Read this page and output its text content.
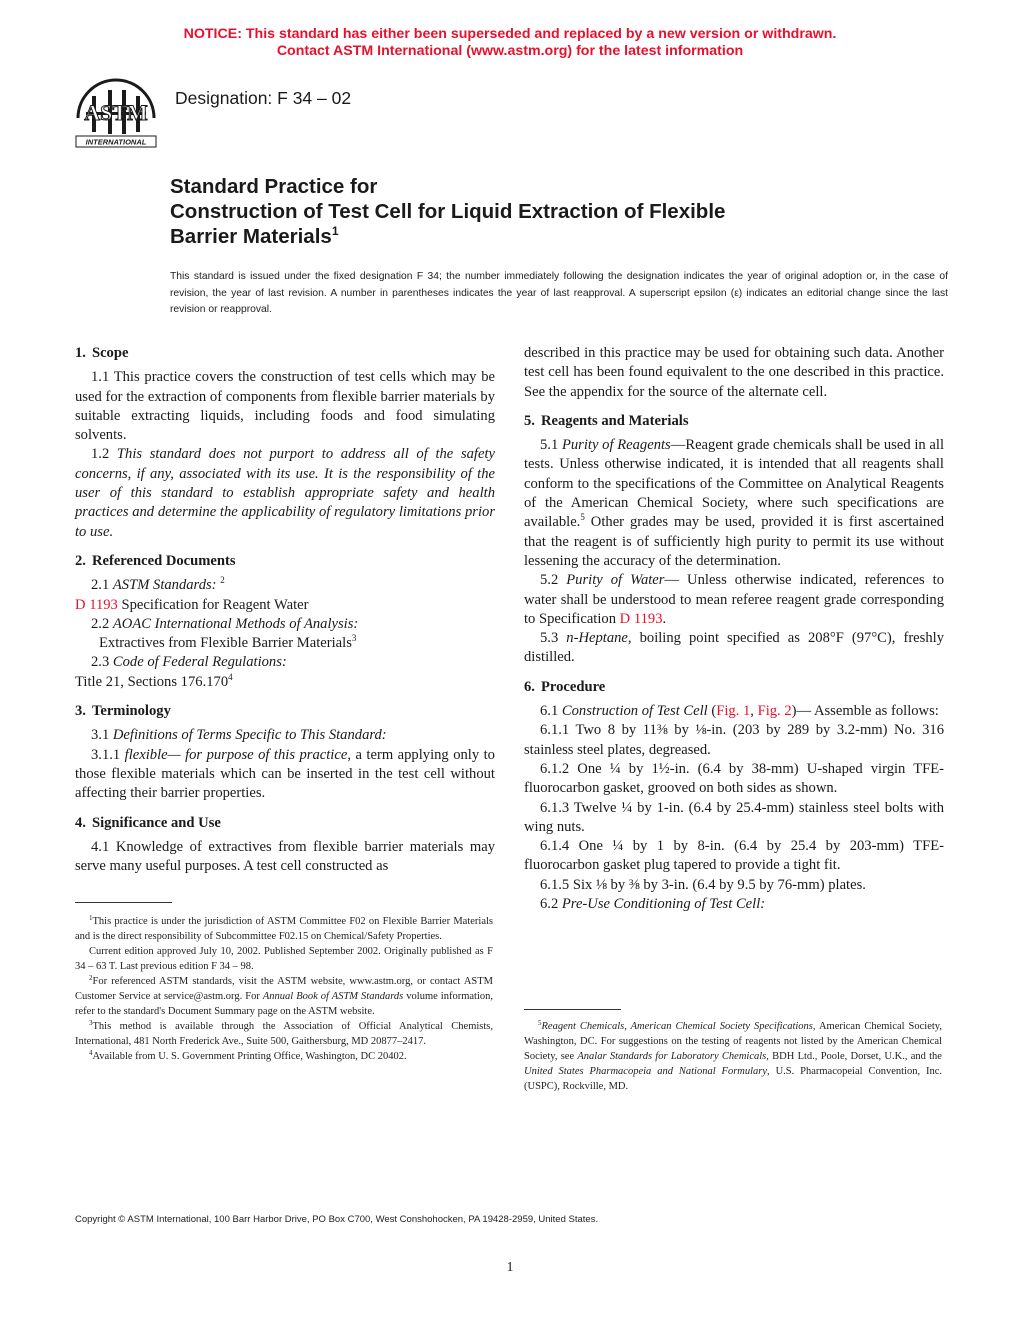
NOTICE: This standard has either been superseded and replaced by a new version or withdrawn.
Contact ASTM International (www.astm.org) for the latest information
ASTM
INTERNATIONAL
Designation: F 34 – 02
Standard Practice for
Construction of Test Cell for Liquid Extraction of Flexible
Barrier Materials$^1$
This standard is issued under the fixed designation F 34; the number immediately following the designation indicates the year of original adoption or, in the case of revision, the year of last revision. A number in parentheses indicates the year of last reapproval. A superscript epsilon (ε) indicates an editorial change since the last revision or reapproval.
1. Scope

1.1 This practice covers the construction of test cells which may be used for the extraction of components from flexible barrier materials by suitable extracting liquids, including foods and food simulating solvents.

1.2 This standard does not purport to address all of the safety concerns, if any, associated with its use. It is the responsibility of the user of this standard to establish appropriate safety and health practices and determine the applicability of regulatory limitations prior to use.

2. Referenced Documents

2.1 ASTM Standards: $^2$

D 1193 Specification for Reagent Water

2.2 AOAC International Methods of Analysis:

Extractives from Flexible Barrier Materials$^3$

2.3 Code of Federal Regulations:

Title 21, Sections 176.170$^4$

3. Terminology

3.1 Definitions of Terms Specific to This Standard:

3.1.1 flexible— for purpose of this practice, a term applying only to those flexible materials which can be inserted in the test cell without affecting their barrier properties.

4. Significance and Use

4.1 Knowledge of extractives from flexible barrier materials may serve many useful purposes. A test cell constructed as

$^1$This practice is under the jurisdiction of ASTM Committee F02 on Flexible Barrier Materials and is the direct responsibility of Subcommittee F02.15 on Chemical/Safety Properties.

Current edition approved July 10, 2002. Published September 2002. Originally published as F 34 – 63 T. Last previous edition F 34 – 98.

$^2$For referenced ASTM standards, visit the ASTM website, www.astm.org, or contact ASTM Customer Service at service@astm.org. For Annual Book of ASTM Standards volume information, refer to the standard's Document Summary page on the ASTM website.

$^3$This method is available through the Association of Official Analytical Chemists, International, 481 North Frederick Ave., Suite 500, Gaithersburg, MD 20877–2417.

$^4$Available from U. S. Government Printing Office, Washington, DC 20402.

described in this practice may be used for obtaining such data. Another test cell has been found equivalent to the one described in this practice. See the appendix for the source of the alternate cell.

5. Reagents and Materials

5.1 Purity of Reagents—Reagent grade chemicals shall be used in all tests. Unless otherwise indicated, it is intended that all reagents shall conform to the specifications of the Committee on Analytical Reagents of the American Chemical Society, where such specifications are available.$^5$ Other grades may be used, provided it is first ascertained that the reagent is of sufficiently high purity to permit its use without lessening the accuracy of the determination.

5.2 Purity of Water— Unless otherwise indicated, references to water shall be understood to mean referee reagent grade corresponding to Specification D 1193.

5.3 n-Heptane, boiling point specified as 208°F (97°C), freshly distilled.

6. Procedure

6.1 Construction of Test Cell (Fig. 1, Fig. 2)— Assemble as follows:

6.1.1 Two 8 by 11⅜ by ⅛-in. (203 by 289 by 3.2-mm) No. 316 stainless steel plates, degreased.

6.1.2 One ¼ by 1½-in. (6.4 by 38-mm) U-shaped virgin TFE-fluorocarbon gasket, grooved on both sides as shown.

6.1.3 Twelve ¼ by 1-in. (6.4 by 25.4-mm) stainless steel bolts with wing nuts.

6.1.4 One ¼ by 1 by 8-in. (6.4 by 25.4 by 203-mm) TFE-fluorocarbon gasket plug tapered to provide a tight fit.

6.1.5 Six ⅛ by ⅜ by 3-in. (6.4 by 9.5 by 76-mm) plates.

6.2 Pre-Use Conditioning of Test Cell:

$^5$Reagent Chemicals, American Chemical Society Specifications, American Chemical Society, Washington, DC. For suggestions on the testing of reagents not listed by the American Chemical Society, see Analar Standards for Laboratory Chemicals, BDH Ltd., Poole, Dorset, U.K., and the United States Pharmacopeia and National Formulary, U.S. Pharmacopeial Convention, Inc. (USPC), Rockville, MD.

Copyright © ASTM International, 100 Barr Harbor Drive, PO Box C700, West Conshohocken, PA 19428-2959, United States.
1
